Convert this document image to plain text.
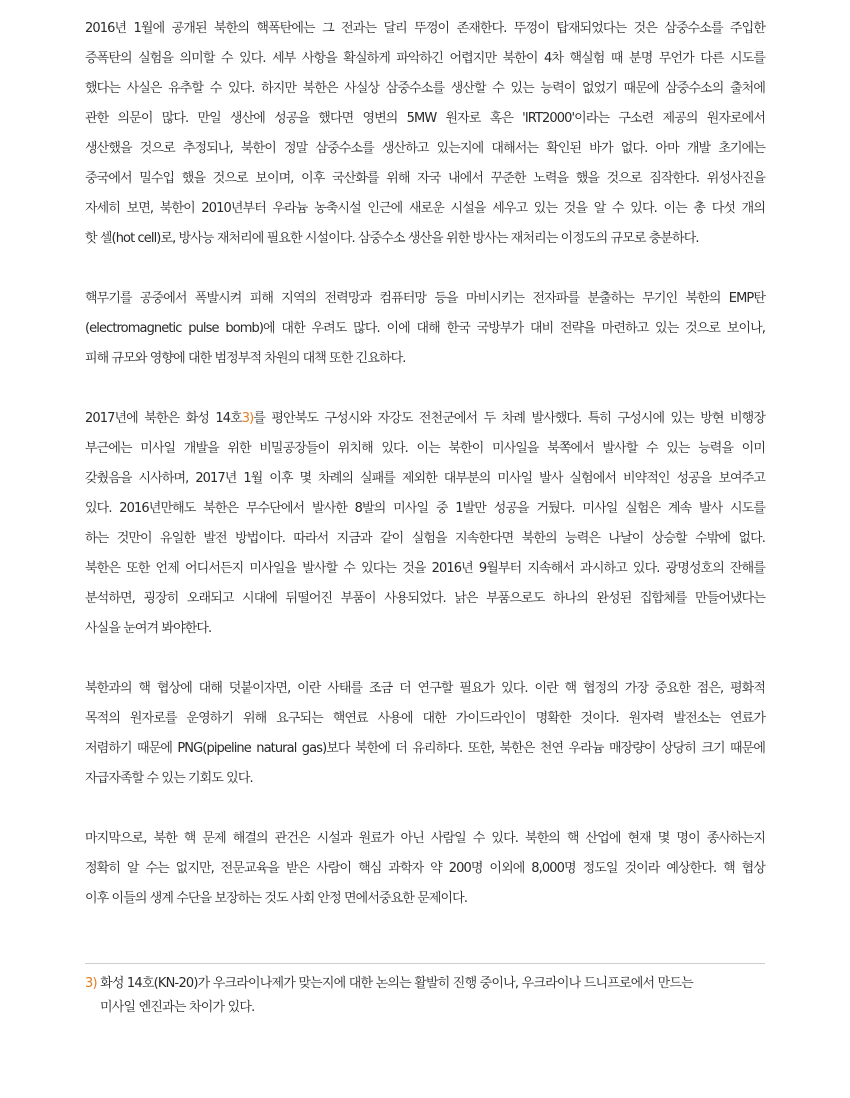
2016년 1월에 공개된 북한의 핵폭탄에는 그 전과는 달리 뚜껑이 존재한다. 뚜껑이 탑재되었다는 것은 삼중수소를 주입한
증폭탄의 실험을 의미할 수 있다. 세부 사항을 확실하게 파악하긴 어렵지만 북한이 4차 핵실험 때 분명 무언가 다른 시도를
했다는 사실은 유추할 수 있다. 하지만 북한은 사실상 삼중수소를 생산할 수 있는 능력이 없었기 때문에 삼중수소의 출처에
관한 의문이 많다. 만일 생산에 성공을 했다면 영변의 5MW 원자로 혹은 'IRT2000'이라는 구소련 제공의 원자로에서
생산했을 것으로 추정되나, 북한이 정말 삼중수소를 생산하고 있는지에 대해서는 확인된 바가 없다. 아마 개발 초기에는
중국에서 밀수입 했을 것으로 보이며, 이후 국산화를 위해 자국 내에서 꾸준한 노력을 했을 것으로 짐작한다. 위성사진을
자세히 보면, 북한이 2010년부터 우라늄 농축시설 인근에 새로운 시설을 세우고 있는 것을 알 수 있다. 이는 총 다섯 개의
핫 셀(hot cell)로, 방사능 재처리에 필요한 시설이다. 삼중수소 생산을 위한 방사는 재처리는 이정도의 규모로 충분하다.
핵무기를 공중에서 폭발시켜 피해 지역의 전력망과 컴퓨터망 등을 마비시키는 전자파를 분출하는 무기인 북한의 EMP탄
(electromagnetic pulse bomb)에 대한 우려도 많다. 이에 대해 한국 국방부가 대비 전략을 마련하고 있는 것으로 보이나,
피해 규모와 영향에 대한 범정부적 차원의 대책 또한 긴요하다.
2017년에 북한은 화성 14호3)를 평안북도 구성시와 자강도 전천군에서 두 차례 발사했다. 특히 구성시에 있는 방현 비행장
부근에는 미사일 개발을 위한 비밀공장들이 위치해 있다. 이는 북한이 미사일을 북쪽에서 발사할 수 있는 능력을 이미
갖췄음을 시사하며, 2017년 1월 이후 몇 차례의 실패를 제외한 대부분의 미사일 발사 실험에서 비약적인 성공을 보여주고
있다. 2016년만해도 북한은 무수단에서 발사한 8발의 미사일 중 1발만 성공을 거뒀다. 미사일 실험은 계속 발사 시도를
하는 것만이 유일한 발전 방법이다. 따라서 지금과 같이 실험을 지속한다면 북한의 능력은 나날이 상승할 수밖에 없다.
북한은 또한 언제 어디서든지 미사일을 발사할 수 있다는 것을 2016년 9월부터 지속해서 과시하고 있다. 광명성호의 잔해를
분석하면, 굉장히 오래되고 시대에 뒤떨어진 부품이 사용되었다. 낡은 부품으로도 하나의 완성된 집합체를 만들어냈다는
사실을 눈여겨 봐야한다.
북한과의 핵 협상에 대해 덧붙이자면, 이란 사태를 조금 더 연구할 필요가 있다. 이란 핵 협정의 가장 중요한 점은, 평화적
목적의 원자로를 운영하기 위해 요구되는 핵연료 사용에 대한 가이드라인이 명확한 것이다. 원자력 발전소는 연료가
저렴하기 때문에 PNG(pipeline natural gas)보다 북한에 더 유리하다. 또한, 북한은 천연 우라늄 매장량이 상당히 크기 때문에
자급자족할 수 있는 기회도 있다.
마지막으로, 북한 핵 문제 해결의 관건은 시설과 원료가 아닌 사람일 수 있다. 북한의 핵 산업에 현재 몇 명이 종사하는지
정확히 알 수는 없지만, 전문교육을 받은 사람이 핵심 과학자 약 200명 이외에 8,000명 정도일 것이라 예상한다. 핵 협상
이후 이들의 생계 수단을 보장하는 것도 사회 안정 면에서중요한 문제이다.
3) 화성 14호(KN-20)가 우크라이나제가 맞는지에 대한 논의는 활발히 진행 중이나, 우크라이나 드니프로에서 만드는
미사일 엔진과는 차이가 있다.
